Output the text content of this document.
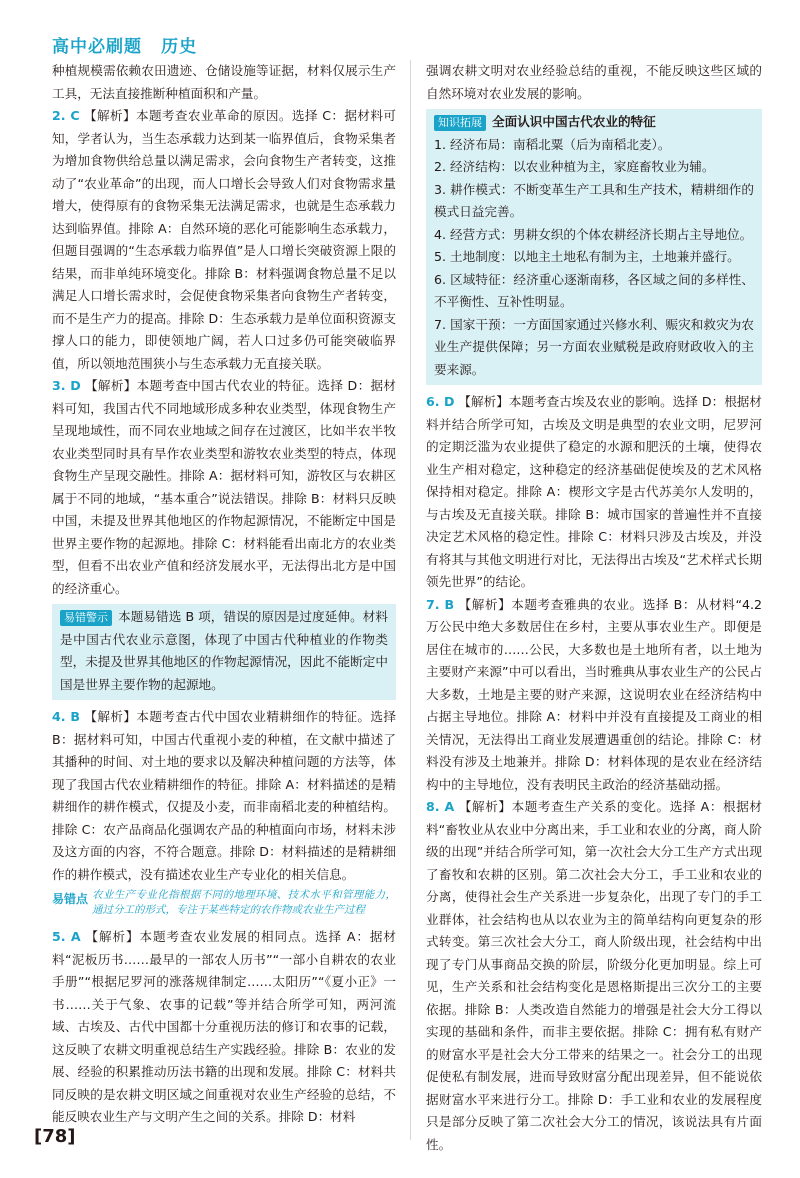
高中必刷题 历史

种植规模需依赖农田遗迹、仓储设施等证据，材料仅展示生产工具，无法直接推断种植面积和产量。

2. C 【解析】本题考查农业革命的原因。选择 C：据材料可知，学者认为，当生态承载力达到某一临界值后，食物采集者为增加食物供给总量以满足需求，会向食物生产者转变，这推动了“农业革命”的出现，而人口增长会导致人们对食物需求量增大，使得原有的食物采集无法满足需求，也就是生态承载力达到临界值。排除 A：自然环境的恶化可能影响生态承载力，但题目强调的“生态承载力临界值”是人口增长突破资源上限的结果，而非单纯环境变化。排除 B：材料强调食物总量不足以满足人口增长需求时，会促使食物采集者向食物生产者转变，而不是生产力的提高。排除 D：生态承载力是单位面积资源支撑人口的能力，即使领地广阔，若人口过多仍可能突破临界值，所以领地范围狭小与生态承载力无直接关联。

3. D 【解析】本题考查中国古代农业的特征。选择 D：据材料可知，我国古代不同地域形成多种农业类型，体现食物生产呈现地域性，而不同农业地域之间存在过渡区，比如半农半牧农业类型同时具有旱作农业类型和游牧农业类型的特点，体现食物生产呈现交融性。排除 A：据材料可知，游牧区与农耕区属于不同的地域，“基本重合”说法错误。排除 B：材料只反映中国，未提及世界其他地区的作物起源情况，不能断定中国是世界主要作物的起源地。排除 C：材料能看出南北方的农业类型，但看不出农业产值和经济发展水平，无法得出北方是中国的经济重心。

易错警示 本题易错选 B 项，错误的原因是过度延伸。材料是中国古代农业示意图，体现了中国古代种植业的作物类型，未提及世界其他地区的作物起源情况，因此不能断定中国是世界主要作物的起源地。

4. B 【解析】本题考查古代中国农业精耕细作的特征。选择 B：据材料可知，中国古代重视小麦的种植，在文献中描述了其播种的时间、对土地的要求以及解决种植问题的方法等，体现了我国古代农业精耕细作的特征。排除 A：材料描述的是精耕细作的耕作模式，仅提及小麦，而非南稻北麦的种植结构。排除 C：农产品商品化强调农产品的种植面向市场，材料未涉及这方面的内容，不符合题意。排除 D：材料描述的是精耕细作的耕作模式，没有描述农业生产专业化的相关信息。

易错点 农业生产专业化指根据不同的地理环境、技术水平和管理能力，通过分工的形式，专注于某些特定的农作物或农业生产过程

5. A 【解析】本题考查农业发展的相同点。选择 A：据材料“泥板历书……最早的一部农人历书”“一部小自耕农的农业手册”“根据尼罗河的涨落规律制定……太阳历”“《夏小正》一书……关于气象、农事的记载”等并结合所学可知，两河流域、古埃及、古代中国都十分重视历法的修订和农事的记载，这反映了农耕文明重视总结生产实践经验。排除 B：农业的发展、经验的积累推动历法书籍的出现和发展。排除 C：材料共同反映的是农耕文明区域之间重视对农业生产经验的总结，不能反映农业生产与文明产生之间的关系。排除 D：材料

强调农耕文明对农业经验总结的重视，不能反映这些区域的自然环境对农业发展的影响。

知识拓展 全面认识中国古代农业的特征
1. 经济布局：南稻北粟（后为南稻北麦）。
2. 经济结构：以农业种植为主，家庭畜牧业为辅。
3. 耕作模式：不断变革生产工具和生产技术，精耕细作的模式日益完善。
4. 经营方式：男耕女织的个体农耕经济长期占主导地位。
5. 土地制度：以地主土地私有制为主，土地兼并盛行。
6. 区域特征：经济重心逐渐南移，各区域之间的多样性、不平衡性、互补性明显。
7. 国家干预：一方面国家通过兴修水利、赈灾和救灾为农业生产提供保障；另一方面农业赋税是政府财政收入的主要来源。

6. D 【解析】本题考查古埃及农业的影响。选择 D：根据材料并结合所学可知，古埃及文明是典型的农业文明，尼罗河的定期泛滥为农业提供了稳定的水源和肥沃的土壤，使得农业生产相对稳定，这种稳定的经济基础促使埃及的艺术风格保持相对稳定。排除 A：楔形文字是古代苏美尔人发明的，与古埃及无直接关联。排除 B：城市国家的普遍性并不直接决定艺术风格的稳定性。排除 C：材料只涉及古埃及，并没有将其与其他文明进行对比，无法得出古埃及“艺术样式长期领先世界”的结论。

7. B 【解析】本题考查雅典的农业。选择 B：从材料“4.2 万公民中绝大多数居住在乡村，主要从事农业生产。即便是居住在城市的……公民，大多数也是土地所有者，以土地为主要财产来源”中可以看出，当时雅典从事农业生产的公民占大多数，土地是主要的财产来源，这说明农业在经济结构中占据主导地位。排除 A：材料中并没有直接提及工商业的相关情况，无法得出工商业发展遭遇重创的结论。排除 C：材料没有涉及土地兼并。排除 D：材料体现的是农业在经济结构中的主导地位，没有表明民主政治的经济基础动摇。

8. A 【解析】本题考查生产关系的变化。选择 A：根据材料“畜牧业从农业中分离出来，手工业和农业的分离，商人阶级的出现”并结合所学可知，第一次社会大分工生产方式出现了畜牧和农耕的区别。第二次社会大分工，手工业和农业的分离，使得社会生产关系进一步复杂化，出现了专门的手工业群体，社会结构也从以农业为主的简单结构向更复杂的形式转变。第三次社会大分工，商人阶级出现，社会结构中出现了专门从事商品交换的阶层，阶级分化更加明显。综上可见，生产关系和社会结构变化是恩格斯提出三次分工的主要依据。排除 B：人类改造自然能力的增强是社会大分工得以实现的基础和条件，而非主要依据。排除 C：拥有私有财产的财富水平是社会大分工带来的结果之一。社会分工的出现促使私有制发展，进而导致财富分配出现差异，但不能说依据财富水平来进行分工。排除 D：手工业和农业的发展程度只是部分反映了第二次社会大分工的情况，该说法具有片面性。

[78]
